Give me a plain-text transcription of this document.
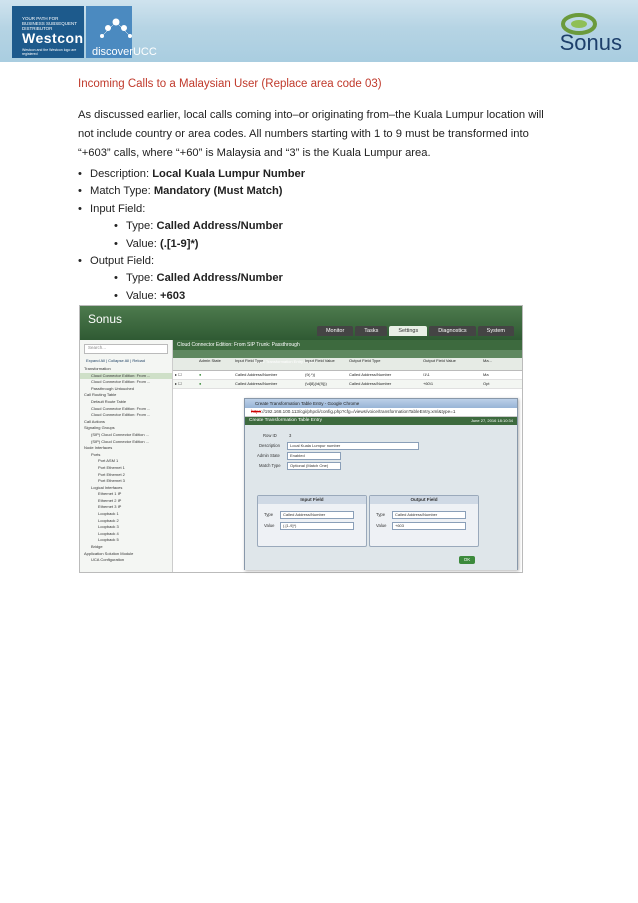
YOUR PATH FOR BUSINESS SUBSEQUENT DISTRIBUTOR
Westcon
Westcon and the Westcon logo are registered	discoverUCC	Sonus
Incoming Calls to a Malaysian User (Replace area code 03)
As discussed earlier, local calls coming into–or originating from–the Kuala Lumpur location will not include country or area codes. All numbers starting with 1 to 9 must be transformed into “+603” calls, where “+60” is Malaysia and “3” is the Kuala Lumpur area.
• Description: Local Kuala Lumpur Number
• Match Type: Mandatory (Must Match)
• Input Field:
• Type: Called Address/Number
• Value: (.[1-9]*)
• Output Field:
• Type: Called Address/Number
• Value: +603
Sonus
Monitor	Tasks	Settings	Diagnostics	System
Search...
Expand All | Collapse All | Reload
Transformation
Cloud Connector Edition: From ...
Cloud Connector Edition: From ...
Passthrough Untouched
Call Routing Table
Default Route Table
Cloud Connector Edition: From ...
Cloud Connector Edition: From ...
Call Actions
Signaling Groups
(SIP) Cloud Connector Edition ...
(SIP) Cloud Connector Edition ...
Node Interfaces
Ports
Port ASM 1
Port Ethernet 1
Port Ethernet 2
Port Ethernet 3
Logical Interfaces
Ethernet 1 IP
Ethernet 2 IP
Ethernet 3 IP
Loopback 1
Loopback 2
Loopback 3
Loopback 4
Loopback 5
Bridge
Application Solution Module
UCA Configuration
Cloud Connector Edition: From SIP Trunk: Passthrough
Total 2 Transformation Entry Rows
Admin State	Input Field Type	Input Field Value	Output Field Type	Output Field Value	Ma...
▸ ☐	●	Called Address/Number	(9(.*))	Called Address/Number	\1\1	Ma
▸ ☐	●	Called Address/Number	(\d{8}(\d{9}))	Called Address/Number	+60\1	Opt
Create Transformation Table Entry - Google Chrome
https://192.168.100.113/cgi/phpcli/config.php?cfg=/views/voice/transformationTableEntry.xml&type=1
Create Transformation Table Entry	June 27, 2016 18:10:34
Row ID	3
Description	Local Kuala Lumpur number
Admin State	Enabled
Match Type	Optional (Match One)
Input Field
Type	Called Address/Number
Value	(.[1-9]*)
Output Field
Type	Called Address/Number
Value	+603
OK
